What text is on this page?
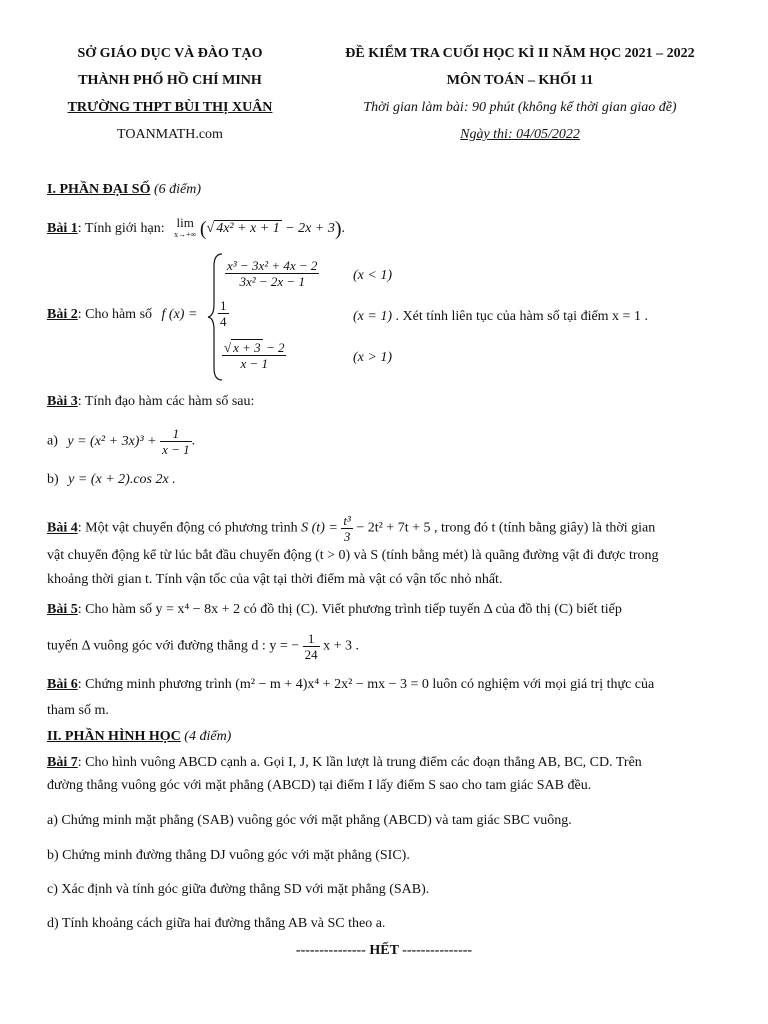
SỞ GIÁO DỤC VÀ ĐÀO TẠO
THÀNH PHỐ HỒ CHÍ MINH
TRƯỜNG THPT BÙI THỊ XUÂN
TOANMATH.com
ĐỀ KIỂM TRA CUỐI HỌC KÌ II NĂM HỌC 2021 – 2022
MÔN TOÁN – KHỐI 11
Thời gian làm bài: 90 phút (không kể thời gian giao đề)
Ngày thi: 04/05/2022
I. PHẦN ĐẠI SỐ (6 điểm)
Bài 1: Tính giới hạn: lim
x→+∞ (√ 4x² + x + 1 − 2x + 3).
Bài 2: Cho hàm số f (x) =
$\frac{\text{x³ − 3x² + 4x − 2}}{\text{3x² − 2x − 1}} (x < 1)$
$\frac{1}{4}$	(x = 1) . Xét tính liên tục của hàm số tại điểm x = 1 .
$\frac{√ x + 3 - 2}{x - 1}$	(x > 1)
Bài 3: Tính đạo hàm các hàm số sau:
a) $y = (x^2 + 3x)^3 + \frac{1}{x - 1}$ .
b) y = (x + 2).cos 2x .
Bài 4: Một vật chuyển động có phương trình S $(t) = \frac{\text{t³}}{3} - 2t^2 + 7t + 5$ , trong đó t (tính bằng giây) là thời gian
vật chuyển động kể từ lúc bắt đầu chuyển động (t > 0) và S (tính bằng mét) là quãng đường vật đi được trong
khoảng thời gian t. Tính vận tốc của vật tại thời điểm mà vật có vận tốc nhỏ nhất.
Bài 5: Cho hàm số y = x⁴ − 8x + 2 có đồ thị (C). Viết phương trình tiếp tuyến Δ của đồ thị (C) biết tiếp
tuyến Δ vuông góc với đường thẳng d : y = − $\frac{1}{24}$ x + 3 .
Bài 6: Chứng minh phương trình (m² − m + 4)x⁴ + 2x² − mx − 3 = 0 luôn có nghiệm với mọi giá trị thực của
tham số m.
II. PHẦN HÌNH HỌC (4 điểm)
Bài 7: Cho hình vuông ABCD cạnh a. Gọi I, J, K lần lượt là trung điểm các đoạn thẳng AB, BC, CD. Trên
đường thẳng vuông góc với mặt phẳng (ABCD) tại điểm I lấy điểm S sao cho tam giác SAB đều.
a) Chứng minh mặt phẳng (SAB) vuông góc với mặt phẳng (ABCD) và tam giác SBC vuông.
b) Chứng minh đường thẳng DJ vuông góc với mặt phẳng (SIC).
c) Xác định và tính góc giữa đường thẳng SD với mặt phẳng (SAB).
d) Tính khoảng cách giữa hai đường thẳng AB và SC theo a.
--------------- HẾT ---------------
